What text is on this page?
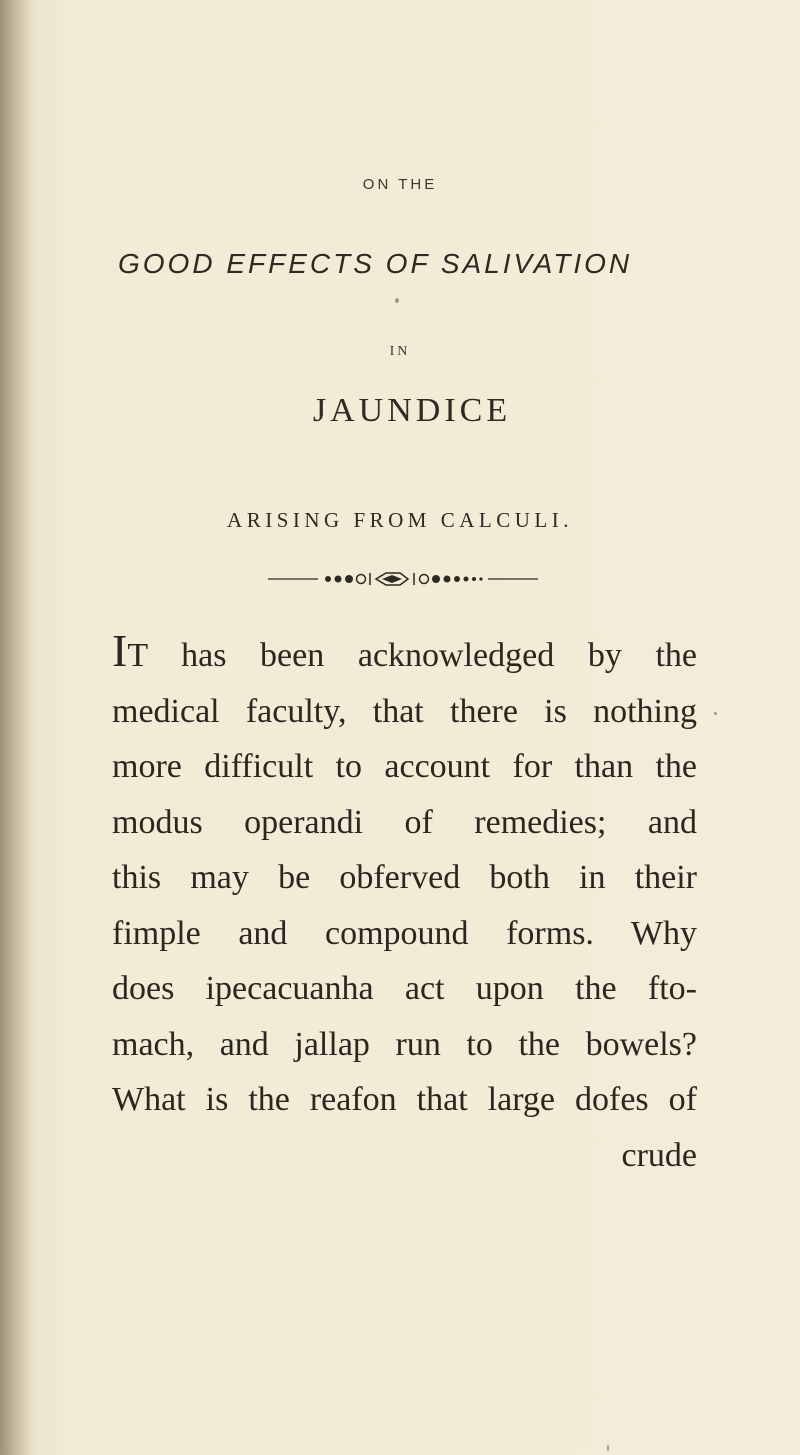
ON THE
GOOD EFFECTS OF SALIVATION
IN
JAUNDICE
ARISING FROM CALCULI.
IT has been acknowledged by the
medical faculty, that there is nothing
more difficult to account for than the
modus operandi of remedies; and
this may be obferved both in their
fimple and compound forms. Why
does ipecacuanha act upon the fto-
mach, and jallap run to the bowels?
What is the reafon that large dofes of
crude
